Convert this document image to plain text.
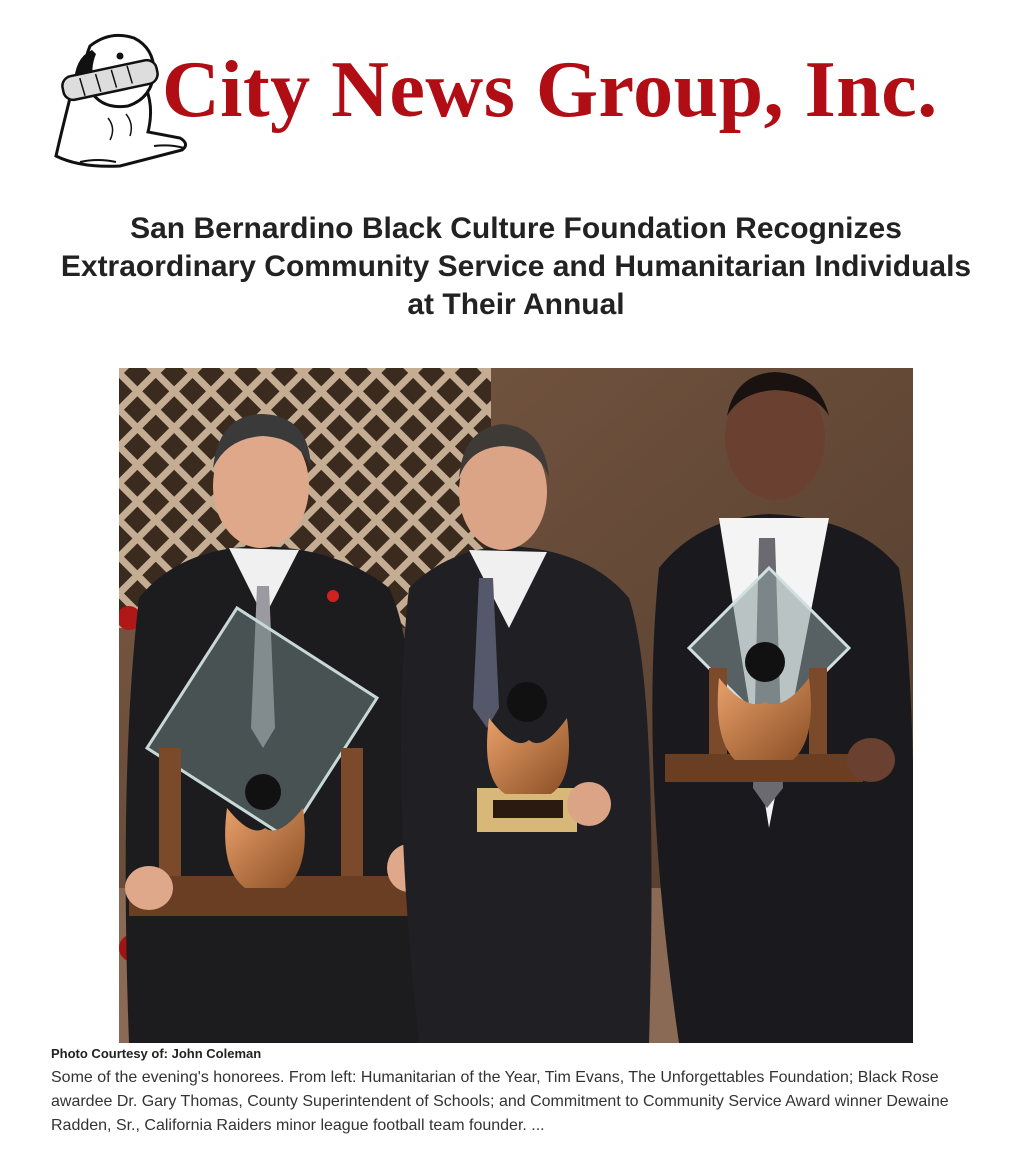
City News Group, Inc.
San Bernardino Black Culture Foundation Recognizes Extraordinary Community Service and Humanitarian Individuals at Their Annual
Photo Courtesy of: John Coleman
Some of the evening's honorees. From left: Humanitarian of the Year, Tim Evans, The Unforgettables Foundation; Black Rose awardee Dr. Gary Thomas, County Superintendent of Schools; and Commitment to Community Service Award winner Dewaine Radden, Sr., California Raiders minor league football team founder. ...
